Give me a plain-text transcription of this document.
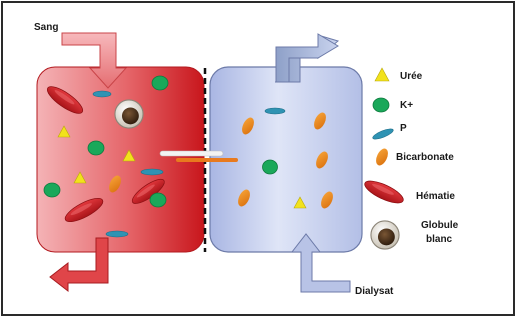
Urée
K+
P
Bicarbonate
Hématie
Globule
blanc
Sang
Dialysat
